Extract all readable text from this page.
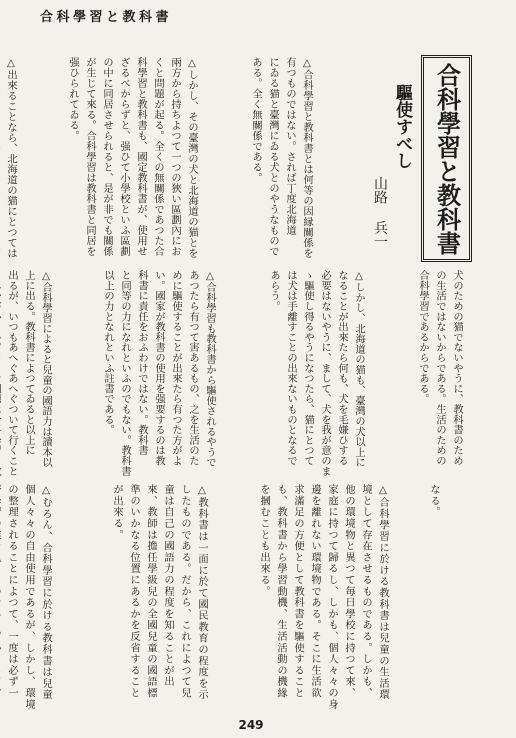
合科學習と教科書
合科學習と教科書
驅使すべし
山路 兵一

△合科學習と教科書とは何等の因縁關係を
有つものではない。されば丁度北海道
にゐる猫と臺灣にゐる犬とのやうなもので
ある。全く無關係である。

△しかし、その臺灣の犬と北海道の猫とを
兩方から持ちよつて一つの狹い區劃內にお
くと問題が起る。全くの無關係であつた合
科學習と教科書も、國定教科書が、使用せ
ざるべからずと、强ひて小學校といふ區劃
の中に同居させられると、是が非でも關係
が生じて來る。合科學習は教科書と同居を
强ひられてゐる。

△出來ることなら、北海道の猫にとつては

犬のための猫でないやうに、教科書のため
の生活ではないからである。生活のための
合科學習であるからである。

△しかし、北海道の猫も、臺灣の犬以上に
なることが出來たら何も、犬を毛嫌ひする
必要はないやうに、まして、犬を我が意のま
ゝ驅使し得るやうになつたら、猫にとつて
は犬は手離すことの出來ないものとなるで
あらう。

△合科學習も教科書から驅使されるやうで
あつたら有つて害あるもの、之を生活のた
めに驅使することが出來たら有つた方がよ
い。國家が教科書の使用を强要するのは教
科書に責任をおふわけではない。教科書
と同等の力になれといふのでもない。教科書
以上の力となれといふ註書である。

△合科學習によると兒童の國語力は讀本以
上に出る。教科書によつてゐると以上に
出るが、いつもあへぐあへぐついて行くこと

なる。

△合科學習に於ける教科書は兒童の生活環
境として存在させるものである。しかも、
他の環境物と異つて毎日學校に持つて來、
家庭に持つて歸るし、しかも、個人々々の身
邊を離れない環境物である。そこに生活欲
求滿足の方便として教科書を驅使すること
も、教科書から學習動機、生活活動の機緣
を摑むことも出來る。

△教科書は一面に於て國民教育の程度を示
したものである。だから、これによつて兒
童は自己の國語力の程度を知ることが出
來、教師は擔任學級兒の全國兒童の國語標
準のいかなる位置にあるかを反省すること
が出來る。

△むろん、合科學習に於ける教科書は兒童
個人々々の自由使用であるが、しかし、環境
の整理されることによつて、一度は必ず一

249
